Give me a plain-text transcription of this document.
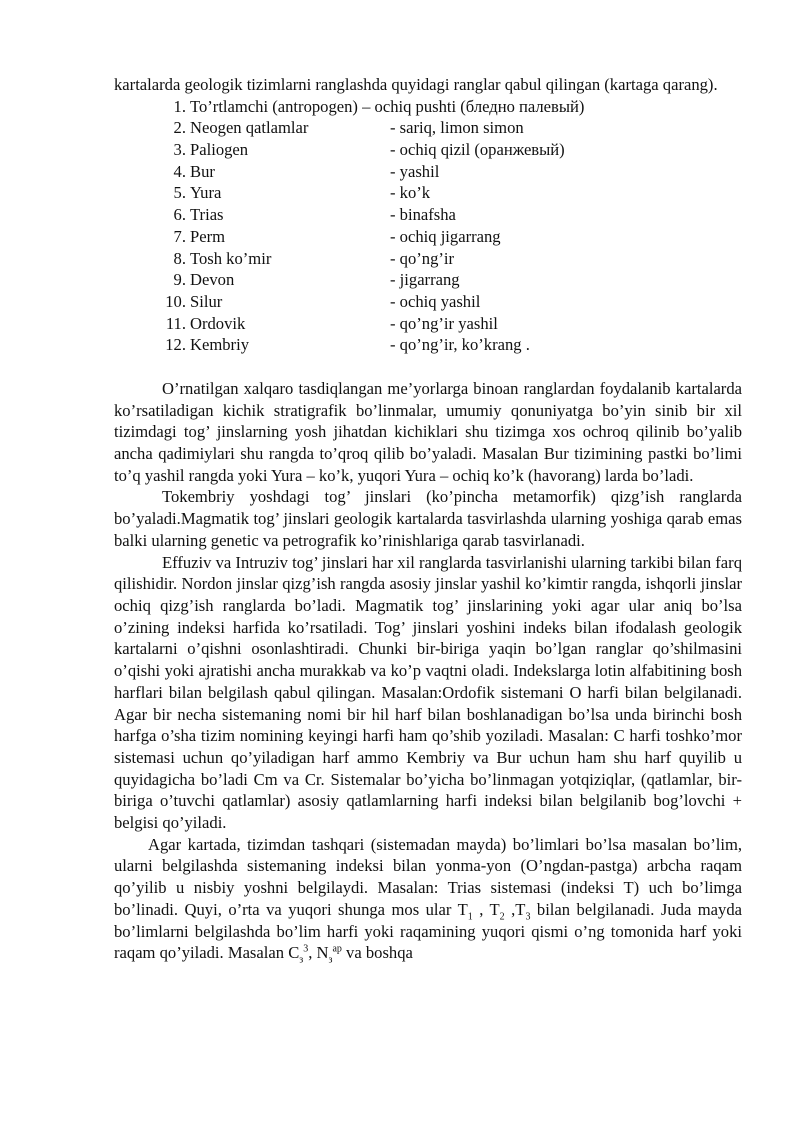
kartalarda geologik tizimlarni ranglashda quyidagi ranglar qabul qilingan (kartaga qarang).

1. To’rtlamchi (antropogen) – ochiq pushti (бледно палевый)
2. Neogen qatlamlar	- sariq, limon simon
3. Paliogen	- ochiq qizil (оранжевый)
4. Bur	- yashil
5. Yura	- ko’k
6. Trias	- binafsha
7. Perm	- ochiq jigarrang
8. Tosh ko’mir	- qo’ng’ir
9. Devon	- jigarrang
10. Silur	- ochiq yashil
11. Ordovik	- qo’ng’ir yashil
12. Kembriy	- qo’ng’ir, ko’krang .

O’rnatilgan xalqaro tasdiqlangan me’yorlarga binoan ranglardan foydalanib kartalarda ko’rsatiladigan kichik stratigrafik bo’linmalar, umumiy qonuniyatga bo’yin sinib bir xil tizimdagi tog’ jinslarning yosh jihatdan kichiklari shu tizimga xos ochroq qilinib bo’yalib ancha qadimiylari shu rangda to’qroq qilib bo’yaladi. Masalan Bur tizimining pastki bo’limi to’q yashil rangda yoki Yura – ko’k, yuqori Yura – ochiq ko’k (havorang) larda bo’ladi.

Tokembriy yoshdagi tog’ jinslari (ko’pincha metamorfik) qizg’ish ranglarda bo’yaladi.Magmatik tog’ jinslari geologik kartalarda tasvirlashda ularning yoshiga qarab emas balki ularning genetic va petrografik ko’rinishlariga qarab tasvirlanadi.

Effuziv va Intruziv tog’ jinslari har xil ranglarda tasvirlanishi ularning tarkibi bilan farq qilishidir. Nordon jinslar qizg’ish rangda asosiy jinslar yashil ko’kimtir rangda, ishqorli jinslar ochiq qizg’ish ranglarda bo’ladi. Magmatik tog’ jinslarining yoki agar ular aniq bo’lsa o’zining indeksi harfida ko’rsatiladi. Tog’ jinslari yoshini indeks bilan ifodalash geologik kartalarni o’qishni osonlashtiradi. Chunki bir-biriga yaqin bo’lgan ranglar qo’shilmasini o’qishi yoki ajratishi ancha murakkab va ko’p vaqtni oladi. Indekslarga lotin alfabitining bosh harflari bilan belgilash qabul qilingan. Masalan:Ordofik sistemani O harfi bilan belgilanadi. Agar bir necha sistemaning nomi bir hil harf bilan boshlanadigan bo’lsa unda birinchi bosh harfga o’sha tizim nomining keyingi harfi ham qo’shib yoziladi. Masalan: C harfi toshko’mor sistemasi uchun qo’yiladigan harf ammo Kembriy va Bur uchun ham shu harf quyilib u quyidagicha bo’ladi Cm va Cr. Sistemalar bo’yicha bo’linmagan yotqiziqlar, (qatlamlar, bir-biriga o’tuvchi qatlamlar) asosiy qatlamlarning harfi indeksi bilan belgilanib bog’lovchi + belgisi qo’yiladi.

Agar kartada, tizimdan tashqari (sistemadan mayda) bo’limlari bo’lsa masalan bo’lim, ularni belgilashda sistemaning indeksi bilan yonma-yon (O’ngdan-pastga) arbcha raqam qo’yilib u nisbiy yoshni belgilaydi. Masalan: Trias sistemasi (indeksi T) uch bo’limga bo’linadi. Quyi, o’rta va yuqori shunga mos ular $T_1$ , $T_2$ $,T_3$ bilan belgilanadi. Juda mayda bo’limlarni belgilashda bo’lim harfi yoki raqamining yuqori qismi o’ng tomonida harf yoki raqam qo’yiladi. Masalan $C_з^3$, $N_з^{ap}$ va boshqa
